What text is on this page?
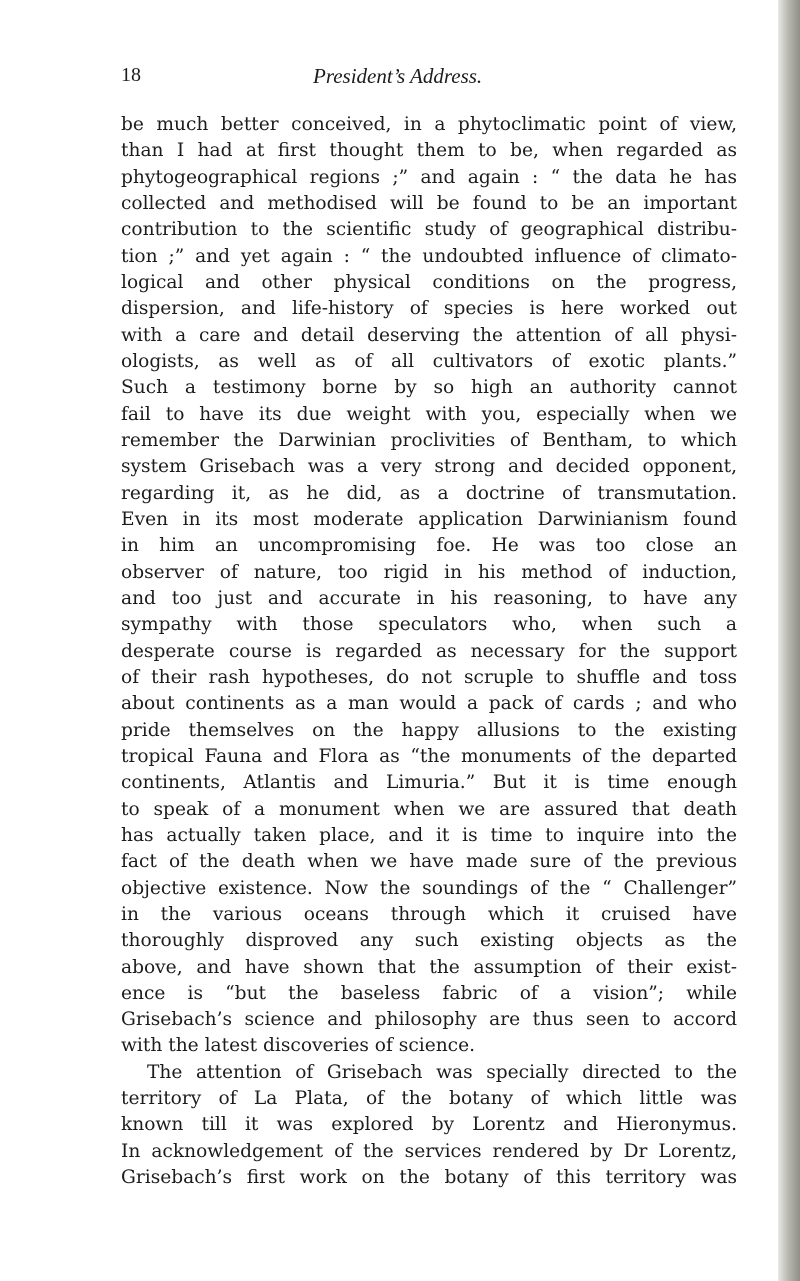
18	President’s Address.
be much better conceived, in a phytoclimatic point of view,
than I had at first thought them to be, when regarded as
phytogeographical regions ;” and again : “ the data he has
collected and methodised will be found to be an important
contribution to the scientific study of geographical distribu-
tion ;” and yet again : “ the undoubted influence of climato-
logical and other physical conditions on the progress,
dispersion, and life-history of species is here worked out
with a care and detail deserving the attention of all physi-
ologists, as well as of all cultivators of exotic plants.”
Such a testimony borne by so high an authority cannot
fail to have its due weight with you, especially when we
remember the Darwinian proclivities of Bentham, to which
system Grisebach was a very strong and decided opponent,
regarding it, as he did, as a doctrine of transmutation.
Even in its most moderate application Darwinianism found
in him an uncompromising foe. He was too close an
observer of nature, too rigid in his method of induction,
and too just and accurate in his reasoning, to have any
sympathy with those speculators who, when such a
desperate course is regarded as necessary for the support
of their rash hypotheses, do not scruple to shuffle and toss
about continents as a man would a pack of cards ; and who
pride themselves on the happy allusions to the existing
tropical Fauna and Flora as “the monuments of the departed
continents, Atlantis and Limuria.” But it is time enough
to speak of a monument when we are assured that death
has actually taken place, and it is time to inquire into the
fact of the death when we have made sure of the previous
objective existence. Now the soundings of the “ Challenger”
in the various oceans through which it cruised have
thoroughly disproved any such existing objects as the
above, and have shown that the assumption of their exist-
ence is “but the baseless fabric of a vision”; while
Grisebach’s science and philosophy are thus seen to accord
with the latest discoveries of science.
The attention of Grisebach was specially directed to the
territory of La Plata, of the botany of which little was
known till it was explored by Lorentz and Hieronymus.
In acknowledgement of the services rendered by Dr Lorentz,
Grisebach’s first work on the botany of this territory was
